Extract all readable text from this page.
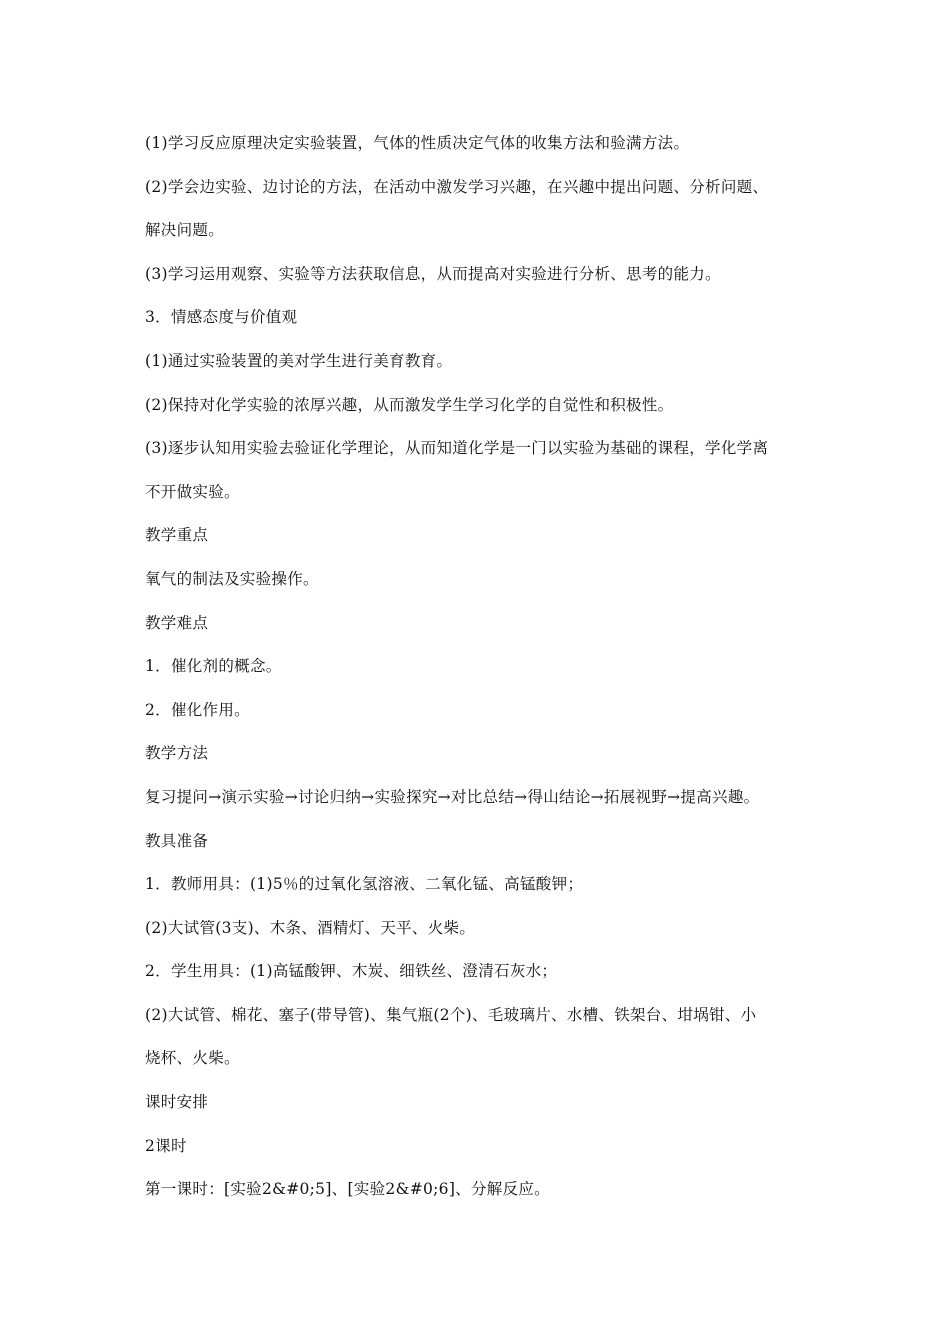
(1)学习反应原理决定实验装置，气体的性质决定气体的收集方法和验满方法。
(2)学会边实验、边讨论的方法，在活动中激发学习兴趣，在兴趣中提出问题、分析问题、
解决问题。
(3)学习运用观察、实验等方法获取信息，从而提高对实验进行分析、思考的能力。
3．情感态度与价值观
(1)通过实验装置的美对学生进行美育教育。
(2)保持对化学实验的浓厚兴趣，从而激发学生学习化学的自觉性和积极性。
(3)逐步认知用实验去验证化学理论，从而知道化学是一门以实验为基础的课程，学化学离
不开做实验。
教学重点
氧气的制法及实验操作。
教学难点
1．催化剂的概念。
2．催化作用。
教学方法
复习提问→演示实验→讨论归纳→实验探究→对比总结→得山结论→拓展视野→提高兴趣。
教具准备
1．教师用具：(1)5％的过氧化氢溶液、二氧化锰、高锰酸钾；
(2)大试管(3支)、木条、酒精灯、天平、火柴。
2．学生用具：(1)高锰酸钾、木炭、细铁丝、澄清石灰水；
(2)大试管、棉花、塞子(带导管)、集气瓶(2个)、毛玻璃片、水槽、铁架台、坩埚钳、小
烧杯、火柴。
课时安排
2课时
第一课时：[实验2&#0;5]、[实验2&#0;6]、分解反应。
